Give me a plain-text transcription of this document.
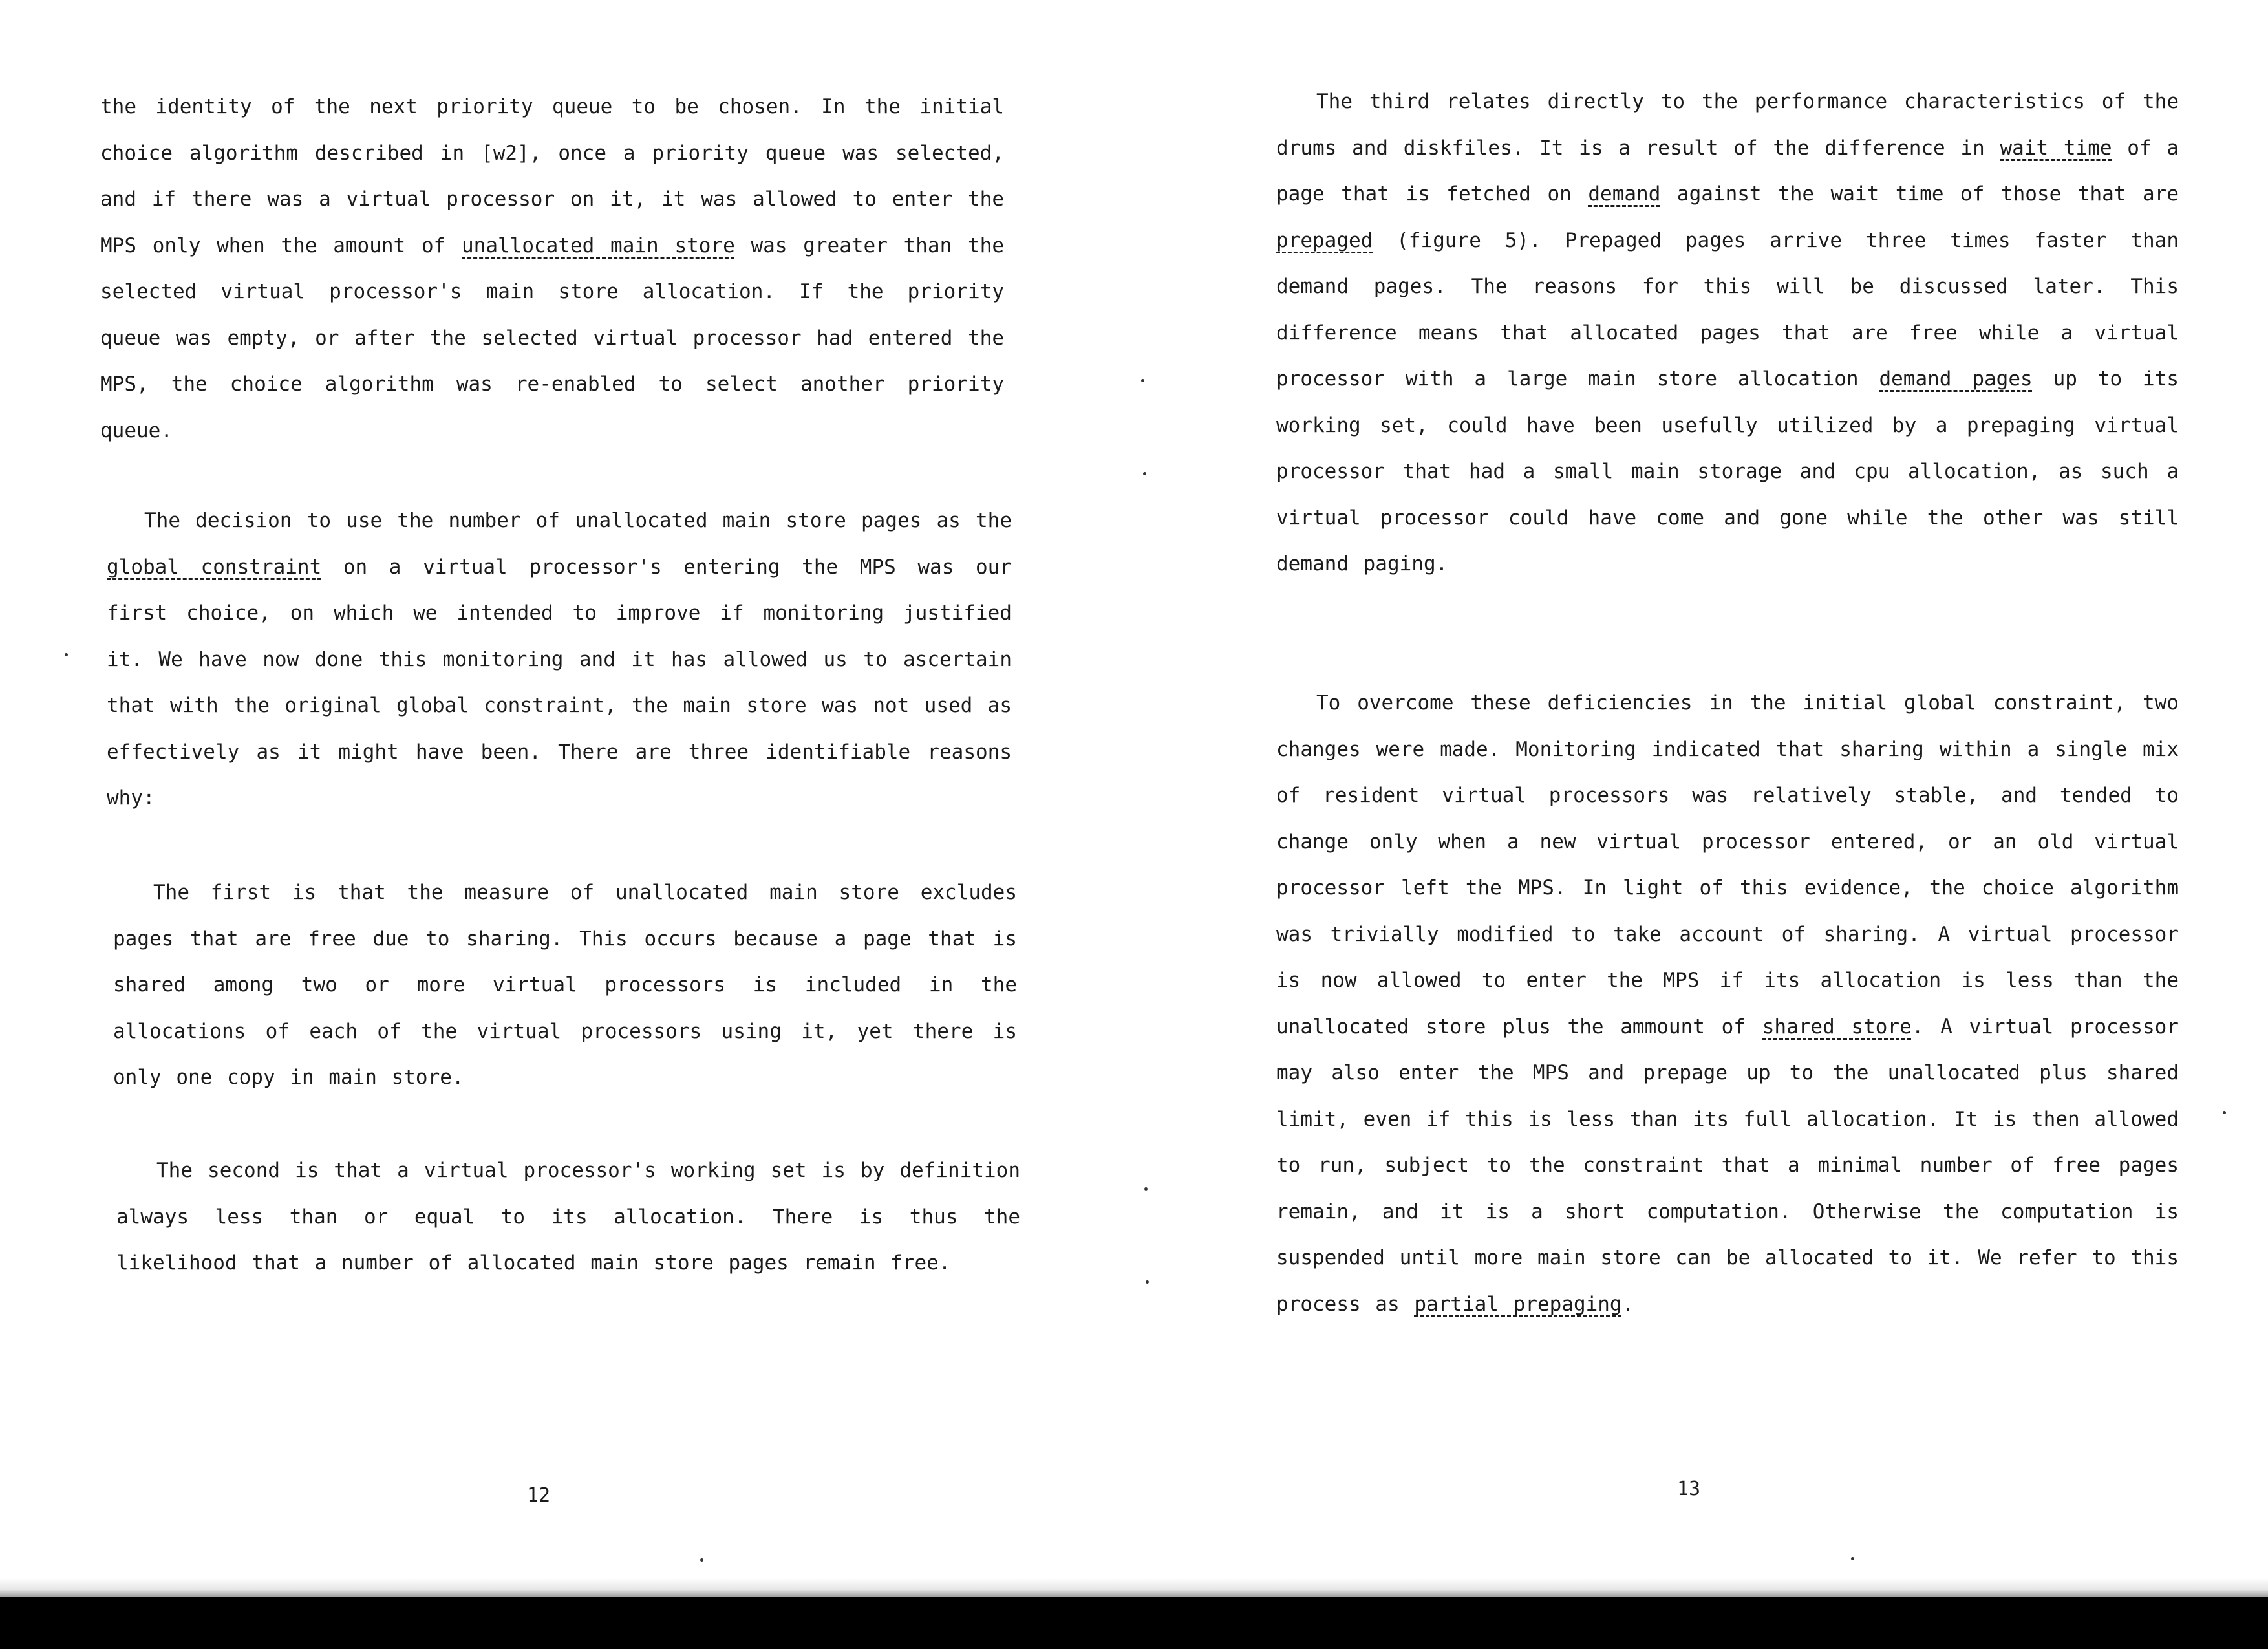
the identity of the next priority queue to be chosen. In the initial choice algorithm described in [w2], once a priority queue was selected, and if there was a virtual processor on it, it was allowed to enter the MPS only when the amount of unallocated main store was greater than the selected virtual processor's main store allocation. If the priority queue was empty, or after the selected virtual processor had entered the MPS, the choice algorithm was re-enabled to select another priority queue.

The decision to use the number of unallocated main store pages as the global constraint on a virtual processor's entering the MPS was our first choice, on which we intended to improve if monitoring justified it. We have now done this monitoring and it has allowed us to ascertain that with the original global constraint, the main store was not used as effectively as it might have been. There are three identifiable reasons why:

The first is that the measure of unallocated main store excludes pages that are free due to sharing. This occurs because a page that is shared among two or more virtual processors is included in the allocations of each of the virtual processors using it, yet there is only one copy in main store.

The second is that a virtual processor's working set is by definition always less than or equal to its allocation. There is thus the likelihood that a number of allocated main store pages remain free.

12

The third relates directly to the performance characteristics of the drums and diskfiles. It is a result of the difference in wait time of a page that is fetched on demand against the wait time of those that are prepaged (figure 5). Prepaged pages arrive three times faster than demand pages. The reasons for this will be discussed later. This difference means that allocated pages that are free while a virtual processor with a large main store allocation demand pages up to its working set, could have been usefully utilized by a prepaging virtual processor that had a small main storage and cpu allocation, as such a virtual processor could have come and gone while the other was still demand paging.

To overcome these deficiencies in the initial global constraint, two changes were made. Monitoring indicated that sharing within a single mix of resident virtual processors was relatively stable, and tended to change only when a new virtual processor entered, or an old virtual processor left the MPS. In light of this evidence, the choice algorithm was trivially modified to take account of sharing. A virtual processor is now allowed to enter the MPS if its allocation is less than the unallocated store plus the ammount of shared store. A virtual processor may also enter the MPS and prepage up to the unallocated plus shared limit, even if this is less than its full allocation. It is then allowed to run, subject to the constraint that a minimal number of free pages remain, and it is a short computation. Otherwise the computation is suspended until more main store can be allocated to it. We refer to this process as partial prepaging.

13
